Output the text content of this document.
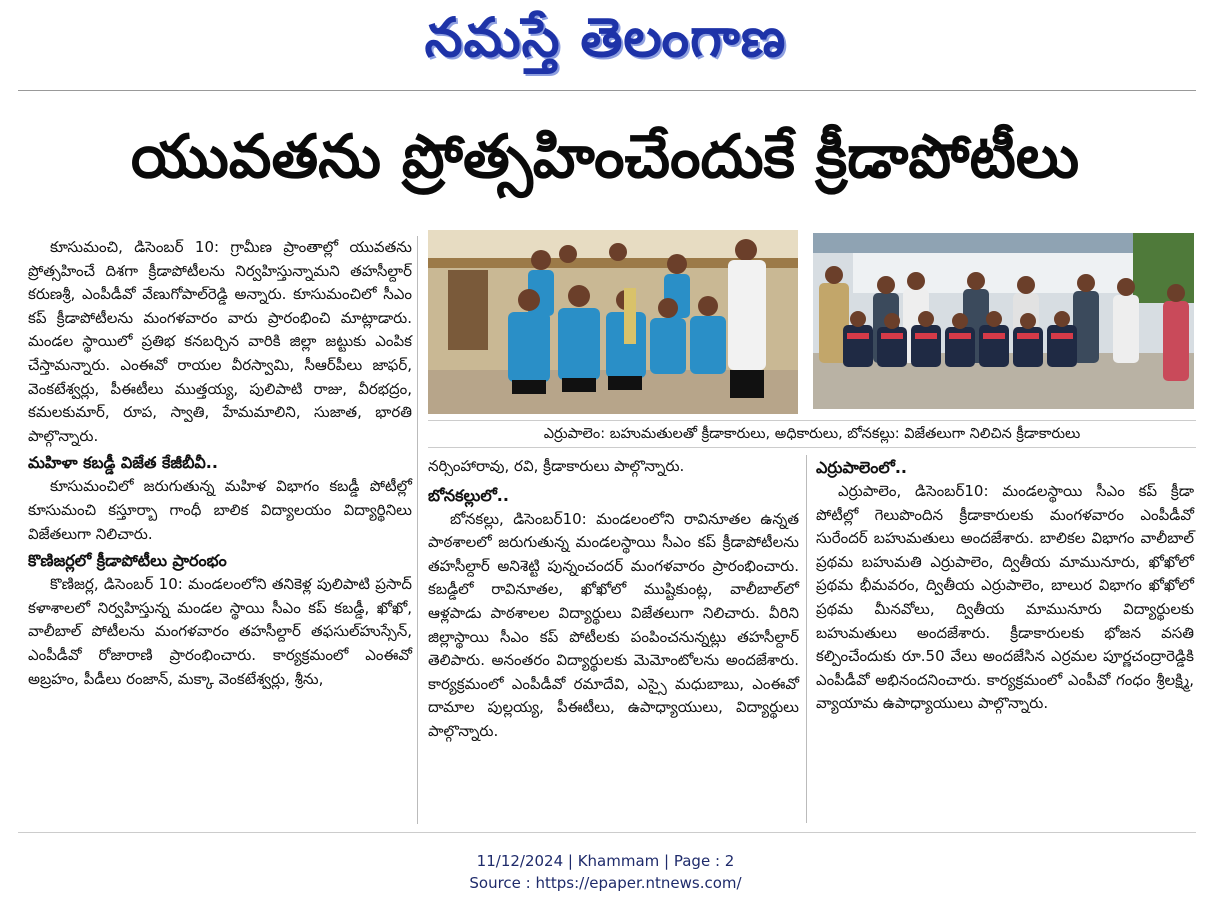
నమస్తే తెలంగాణ
యువతను ప్రోత్సహించేందుకే క్రీడాపోటీలు

కూసుమంచి, డిసెంబర్ 10: గ్రామీణ ప్రాంతాల్లో యువతను ప్రోత్సహించే దిశగా క్రీడాపోటీలను నిర్వహిస్తున్నామని తహసీల్దార్ కరుణశ్రీ, ఎంపీడీవో వేణుగోపాల్‌రెడ్డి అన్నారు. కూసుమంచిలో సీఎం కప్ క్రీడాపోటీలను మంగళవారం వారు ప్రారంభించి మాట్లాడారు. మండల స్థాయిలో ప్రతిభ కనబర్చిన వారికి జిల్లా జట్టుకు ఎంపిక చేస్తామన్నారు. ఎంఈవో రాయల వీరస్వామి, సీఆర్‌పీలు జాఫర్, వెంకటేశ్వర్లు, పీఈటీలు ముత్తయ్య, పులిపాటి రాజు, వీరభద్రం, కమలకుమార్, రూప, స్వాతి, హేమమాలిని, సుజాత, భారతి పాల్గొన్నారు.

మహిళా కబడ్డీ విజేత కేజీబీవీ..

కూసుమంచిలో జరుగుతున్న మహిళ విభాగం కబడ్డీ పోటీల్లో కూసుమంచి కస్తూర్బా గాంధీ బాలిక విద్యాలయం విద్యార్థినిలు విజేతలుగా నిలిచారు.

కొణిజర్లలో క్రీడాపోటీలు ప్రారంభం

కొణిజర్ల, డిసెంబర్ 10: మండలంలోని తనికెళ్ల పులిపాటి ప్రసాద్ కళాశాలలో నిర్వహిస్తున్న మండల స్థాయి సీఎం కప్ కబడ్డీ, ఖోఖో, వాలీబాల్ పోటీలను మంగళవారం తహసీల్దార్ తఫసుల్‌హుస్సేన్, ఎంపీడీవో రోజారాణి ప్రారంభించారు. కార్యక్రమంలో ఎంఈవో అబ్రహం, పీడీలు రంజాన్, మక్కా వెంకటేశ్వర్లు, శ్రీను,

ఎర్రుపాలెం: బహుమతులతో క్రీడాకారులు, అధికారులు, బోనకల్లు: విజేతలుగా నిలిచిన క్రీడాకారులు

నర్సింహారావు, రవి, క్రీడాకారులు పాల్గొన్నారు.

బోనకల్లులో..

బోనకల్లు, డిసెంబర్10: మండలంలోని రావినూతల ఉన్నత పాఠశాలలో జరుగుతున్న మండలస్థాయి సీఎం కప్ క్రీడాపోటీలను తహసీల్దార్ అనిశెట్టి పున్నంచందర్ మంగళవారం ప్రారంభించారు. కబడ్డీలో రావినూతల, ఖోఖోలో ముష్టికుంట్ల, వాలీబాల్‌లో ఆళ్లపాడు పాఠశాలల విద్యార్థులు విజేతలుగా నిలిచారు. వీరిని జిల్లాస్థాయి సీఎం కప్ పోటీలకు పంపించనున్నట్లు తహసీల్దార్ తెలిపారు. అనంతరం విద్యార్థులకు మెమోంటోలను అందజేశారు. కార్యక్రమంలో ఎంపీడీవో రమాదేవి, ఎస్సై మధుబాబు, ఎంఈవో దామాల పుల్లయ్య, పీఈటీలు, ఉపాధ్యాయులు, విద్యార్థులు పాల్గొన్నారు.

ఎర్రుపాలెంలో..

ఎర్రుపాలెం, డిసెంబర్10: మండలస్థాయి సీఎం కప్ క్రీడా పోటీల్లో గెలుపొందిన క్రీడాకారులకు మంగళవారం ఎంపీడీవో సురేందర్ బహుమతులు అందజేశారు. బాలికల విభాగం వాలీబాల్ ప్రథమ బహుమతి ఎర్రుపాలెం, ద్వితీయ మామునూరు, ఖోఖోలో ప్రథమ భీమవరం, ద్వితీయ ఎర్రుపాలెం, బాలుర విభాగం ఖోఖోలో ప్రథమ మీనవోలు, ద్వితీయ మామునూరు విద్యార్థులకు బహుమతులు అందజేశారు. క్రీడాకారులకు భోజన వసతి కల్పించేందుకు రూ.50 వేలు అందజేసిన ఎర్రమల పూర్ణచంద్రారెడ్డికి ఎంపీడీవో అభినందనించారు. కార్యక్రమంలో ఎంపీవో గంధం శ్రీలక్ష్మి, వ్యాయామ ఉపాధ్యాయులు పాల్గొన్నారు.

11/12/2024 | Khammam | Page : 2
Source : https://epaper.ntnews.com/
